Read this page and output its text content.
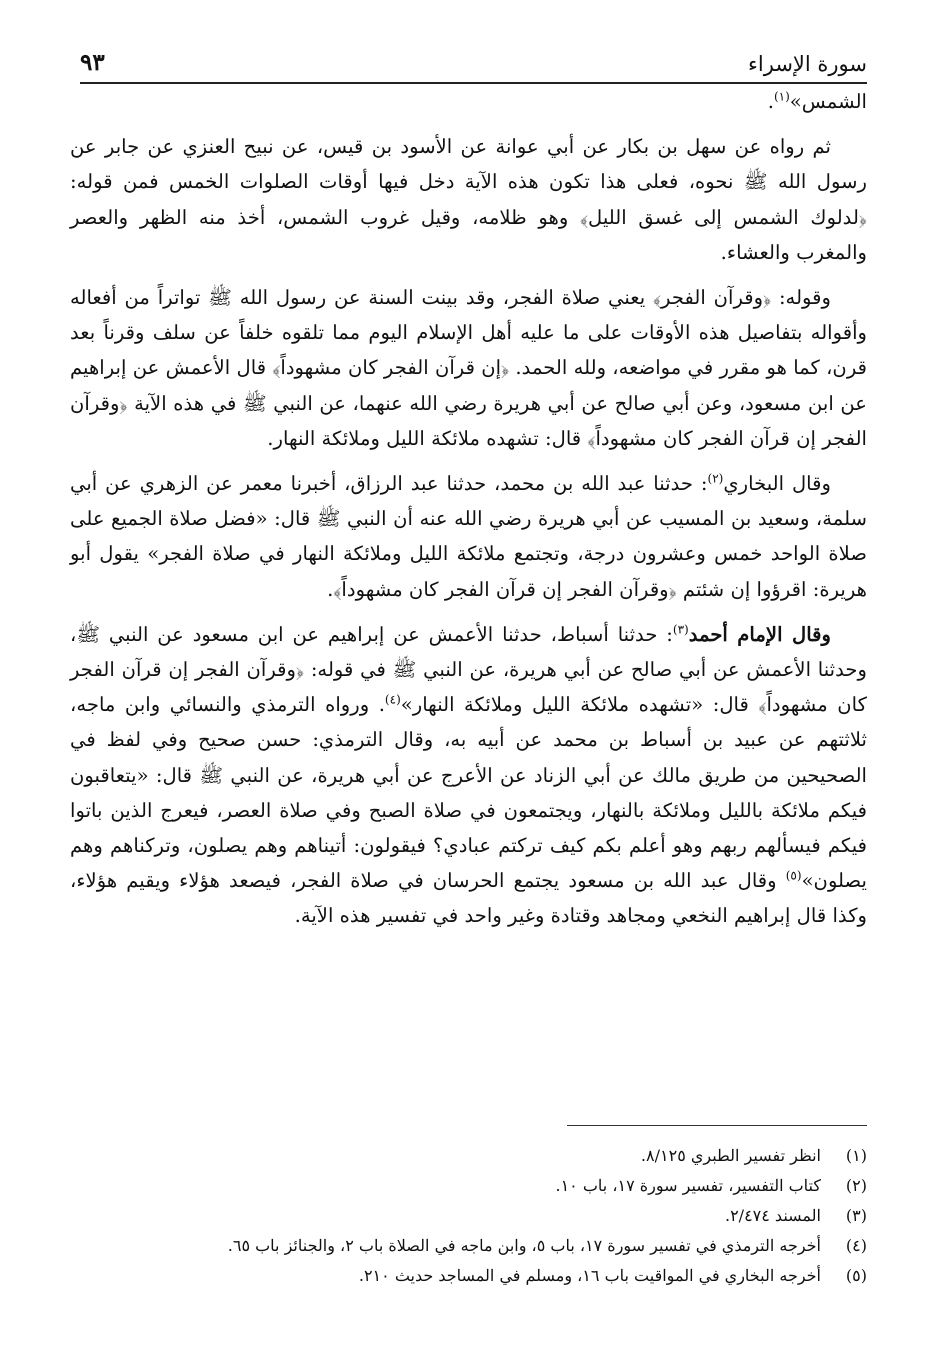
سورة الإسراء
٩٣

الشمس»$^{(١)}$.

ثم رواه عن سهل بن بكار عن أبي عوانة عن الأسود بن قيس، عن نبيح العنزي عن جابر عن رسول الله ﷺ نحوه، فعلى هذا تكون هذه الآية دخل فيها أوقات الصلوات الخمس فمن قوله: ﴿لدلوك الشمس إلى غسق الليل﴾ وهو ظلامه، وقيل غروب الشمس، أخذ منه الظهر والعصر والمغرب والعشاء.

وقوله: ﴿وقرآن الفجر﴾ يعني صلاة الفجر، وقد بينت السنة عن رسول الله ﷺ تواتراً من أفعاله وأقواله بتفاصيل هذه الأوقات على ما عليه أهل الإسلام اليوم مما تلقوه خلفاً عن سلف وقرناً بعد قرن، كما هو مقرر في مواضعه، ولله الحمد. ﴿إن قرآن الفجر كان مشهوداً﴾ قال الأعمش عن إبراهيم عن ابن مسعود، وعن أبي صالح عن أبي هريرة رضي الله عنهما، عن النبي ﷺ في هذه الآية ﴿وقرآن الفجر إن قرآن الفجر كان مشهوداً﴾ قال: تشهده ملائكة الليل وملائكة النهار.

وقال البخاري$^{(٢)}$: حدثنا عبد الله بن محمد، حدثنا عبد الرزاق، أخبرنا معمر عن الزهري عن أبي سلمة، وسعيد بن المسيب عن أبي هريرة رضي الله عنه أن النبي ﷺ قال: «فضل صلاة الجميع على صلاة الواحد خمس وعشرون درجة، وتجتمع ملائكة الليل وملائكة النهار في صلاة الفجر» يقول أبو هريرة: اقرؤوا إن شئتم ﴿وقرآن الفجر إن قرآن الفجر كان مشهوداً﴾.

وقال الإمام أحمد$^{(٣)}$: حدثنا أسباط، حدثنا الأعمش عن إبراهيم عن ابن مسعود عن النبي ﷺ، وحدثنا الأعمش عن أبي صالح عن أبي هريرة، عن النبي ﷺ في قوله: ﴿وقرآن الفجر إن قرآن الفجر كان مشهوداً﴾ قال: «تشهده ملائكة الليل وملائكة النهار»$^{(٤)}$. ورواه الترمذي والنسائي وابن ماجه، ثلاثتهم عن عبيد بن أسباط بن محمد عن أبيه به، وقال الترمذي: حسن صحيح وفي لفظ في الصحيحين من طريق مالك عن أبي الزناد عن الأعرج عن أبي هريرة، عن النبي ﷺ قال: «يتعاقبون فيكم ملائكة بالليل وملائكة بالنهار، ويجتمعون في صلاة الصبح وفي صلاة العصر، فيعرج الذين باتوا فيكم فيسألهم ربهم وهو أعلم بكم كيف تركتم عبادي؟ فيقولون: أتيناهم وهم يصلون، وتركناهم وهم يصلون»$^{(٥)}$ وقال عبد الله بن مسعود يجتمع الحرسان في صلاة الفجر، فيصعد هؤلاء ويقيم هؤلاء، وكذا قال إبراهيم النخعي ومجاهد وقتادة وغير واحد في تفسير هذه الآية.

(١)
انظر تفسير الطبري ٨/١٢٥.
(٢)
كتاب التفسير، تفسير سورة ١٧، باب ١٠.
(٣)
المسند ٢/٤٧٤.
(٤)
أخرجه الترمذي في تفسير سورة ١٧، باب ٥، وابن ماجه في الصلاة باب ٢، والجنائز باب ٦٥.
(٥)
أخرجه البخاري في المواقيت باب ١٦، ومسلم في المساجد حديث ٢١٠.
